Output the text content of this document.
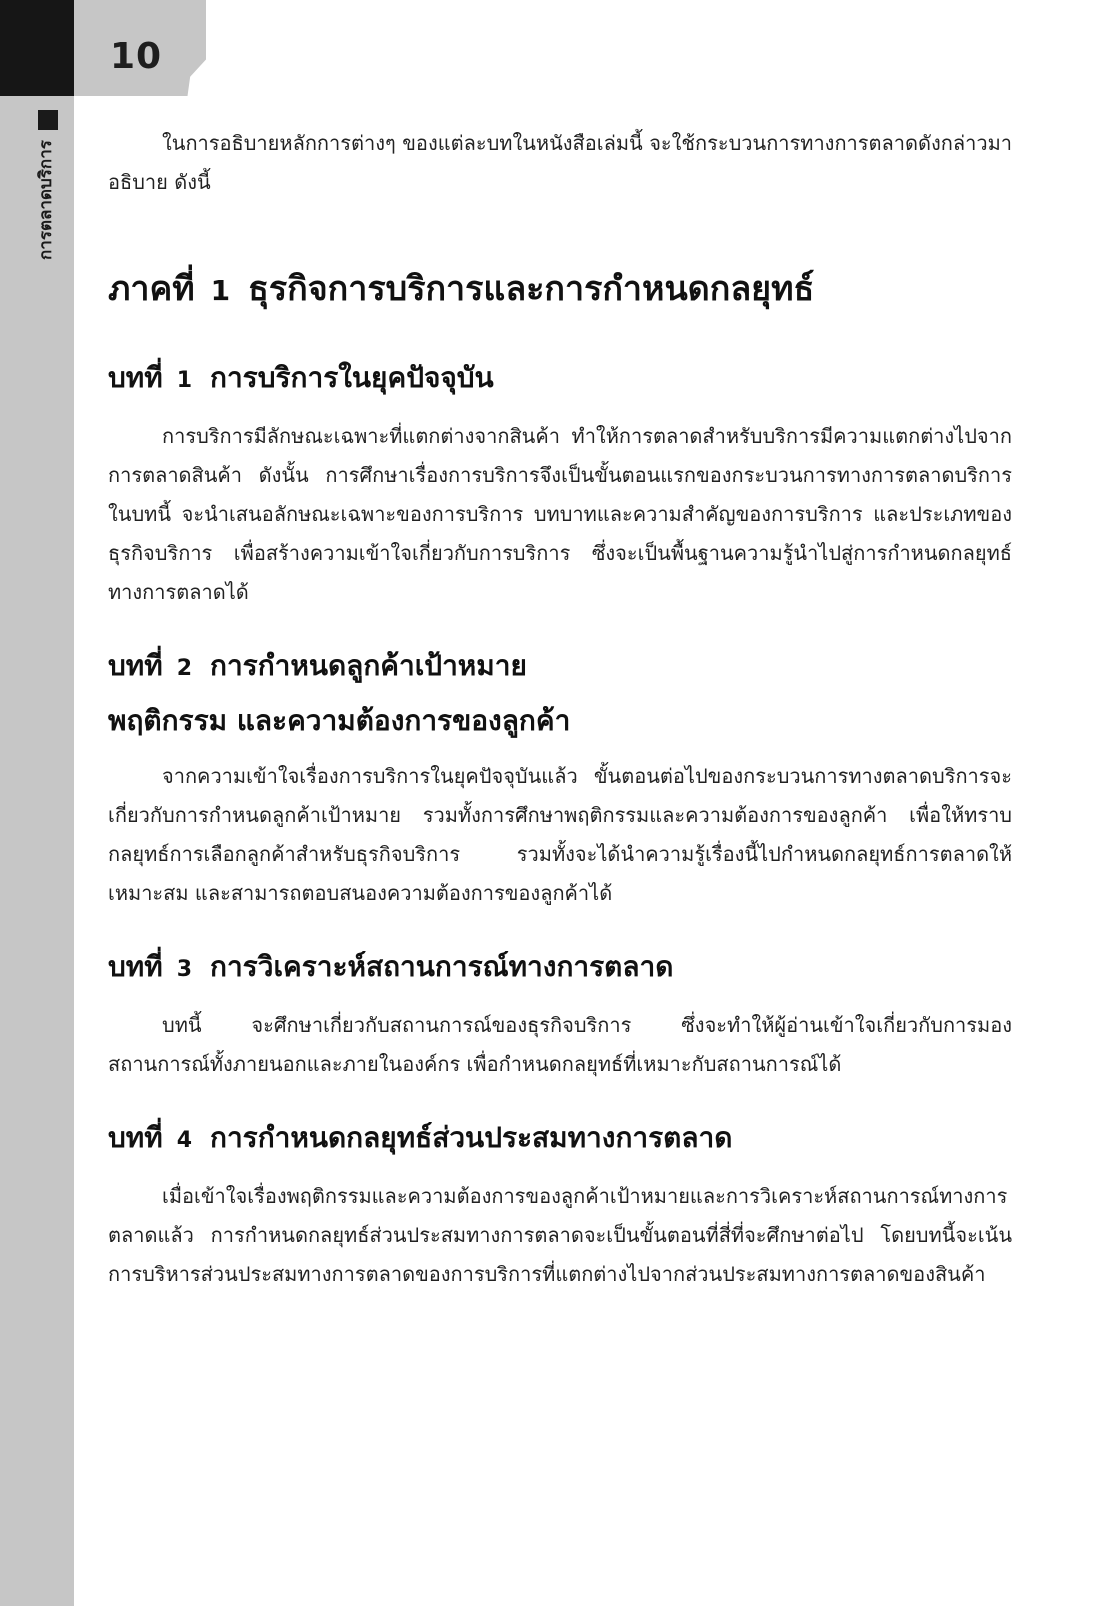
10
การตลาดบริการ	ในการอธิบายหลักการต่างๆ ของแต่ละบทในหนังสือเล่มนี้ จะใช้กระบวนการทางการตลาดดังกล่าวมาอธิบาย ดังนี้

ภาคที่ 1 ธุรกิจการบริการและการกำหนดกลยุทธ์
บทที่ 1 การบริการในยุคปัจจุบัน

การบริการมีลักษณะเฉพาะที่แตกต่างจากสินค้า ทำให้การตลาดสำหรับบริการมีความแตกต่างไปจากการตลาดสินค้า ดังนั้น การศึกษาเรื่องการบริการจึงเป็นขั้นตอนแรกของกระบวนการทางการตลาดบริการ ในบทนี้ จะนำเสนอลักษณะเฉพาะของการบริการ บทบาทและความสำคัญของการบริการ และประเภทของธุรกิจบริการ เพื่อสร้างความเข้าใจเกี่ยวกับการบริการ ซึ่งจะเป็นพื้นฐานความรู้นำไปสู่การกำหนดกลยุทธ์ทางการตลาดได้

บทที่ 2 การกำหนดลูกค้าเป้าหมาย
พฤติกรรม และความต้องการของลูกค้า

จากความเข้าใจเรื่องการบริการในยุคปัจจุบันแล้ว ขั้นตอนต่อไปของกระบวนการทางตลาดบริการจะเกี่ยวกับการกำหนดลูกค้าเป้าหมาย รวมทั้งการศึกษาพฤติกรรมและความต้องการของลูกค้า เพื่อให้ทราบกลยุทธ์การเลือกลูกค้าสำหรับธุรกิจบริการ รวมทั้งจะได้นำความรู้เรื่องนี้ไปกำหนดกลยุทธ์การตลาดให้เหมาะสม และสามารถตอบสนองความต้องการของลูกค้าได้

บทที่ 3 การวิเคราะห์สถานการณ์ทางการตลาด

บทนี้ จะศึกษาเกี่ยวกับสถานการณ์ของธุรกิจบริการ ซึ่งจะทำให้ผู้อ่านเข้าใจเกี่ยวกับการมองสถานการณ์ทั้งภายนอกและภายในองค์กร เพื่อกำหนดกลยุทธ์ที่เหมาะกับสถานการณ์ได้

บทที่ 4 การกำหนดกลยุทธ์ส่วนประสมทางการตลาด

เมื่อเข้าใจเรื่องพฤติกรรมและความต้องการของลูกค้าเป้าหมายและการวิเคราะห์สถานการณ์ทางการตลาดแล้ว การกำหนดกลยุทธ์ส่วนประสมทางการตลาดจะเป็นขั้นตอนที่สี่ที่จะศึกษาต่อไป โดยบทนี้จะเน้นการบริหารส่วนประสมทางการตลาดของการบริการที่แตกต่างไปจากส่วนประสมทางการตลาดของสินค้า
